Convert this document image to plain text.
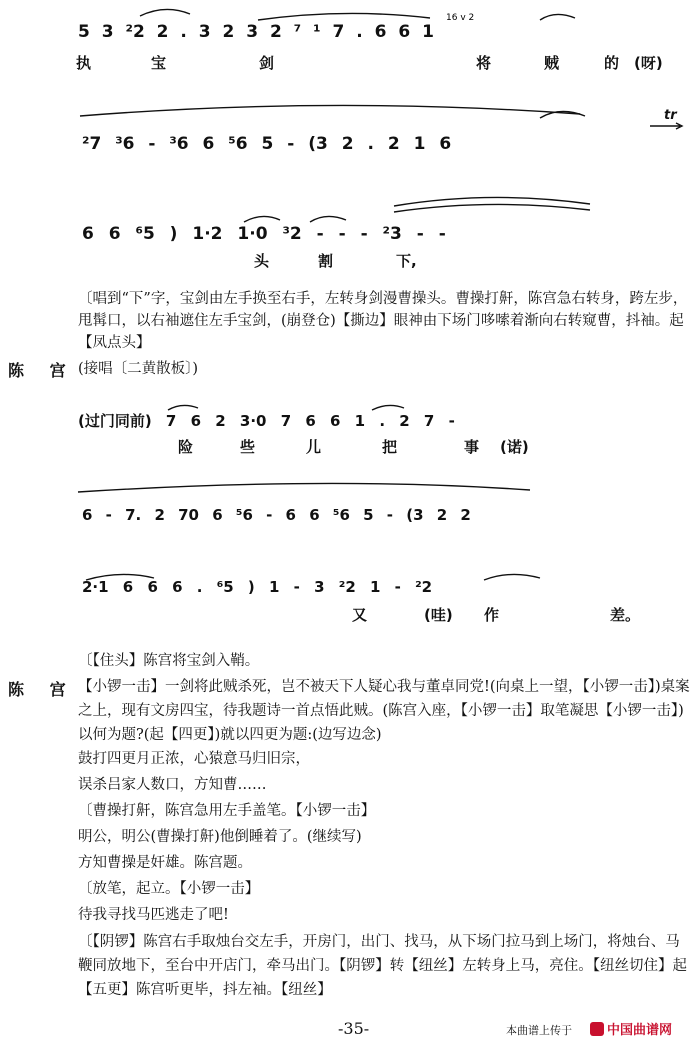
5 3 ²2 2 . 3 2 3 2 ⁷ ¹ 7 . 6 6 1
16 v 2
执	宝	剑	将	贼	的 (呀)
tr
²7 ³6 - ³6 6 ⁵6 5 - (3 2 . 2 1 6
6 6 ⁶5 ) 1·2 1·0 ³2 - - - ²3 - -
头	割	下,
〔唱到“下”字，宝剑由左手换至右手，左转身剑漫曹操头。曹操打鼾，陈宫急右转身，跨左步，甩髯口，以右袖遮住左手宝剑，(崩登仓)【撕边】眼神由下场门哆嗦着渐向右转窥曹，抖袖。起【凤点头】
陈 宫 (接唱〔二黄散板〕)
(过门同前) 7 6 2 3·0 7 6 6 1 . 2 7 -
险	些	儿	把	事 (诺)
6 - 7. 2 70 6 ⁵6 - 6 6 ⁵6 5 - (3 2 2
2·1 6 6 6 . ⁶5 ) 1 - 3 ²2 1 - ²2
又	(哇) 作	差。
〔【住头】陈宫将宝剑入鞘。
陈 宫 【小锣一击】一剑将此贼杀死，岂不被天下人疑心我与董卓同党!(向桌上一望，【小锣一击】)桌案之上，现有文房四宝，待我题诗一首点悟此贼。(陈宫入座，【小锣一击】取笔凝思【小锣一击】)以何为题?(起【四更】)就以四更为题:(边写边念)
鼓打四更月正浓，心猿意马归旧宗，
误杀吕家人数口，方知曹……
〔曹操打鼾，陈宫急用左手盖笔。【小锣一击】
明公，明公(曹操打鼾)他倒睡着了。(继续写)
方知曹操是奸雄。陈宫题。
〔放笔，起立。【小锣一击】
待我寻找马匹逃走了吧!
〔【阴锣】陈宫右手取烛台交左手，开房门，出门、找马，从下场门拉马到上场门，将烛台、马鞭同放地下，至台中开店门，牵马出门。【阴锣】转【纽丝】左转身上马，亮住。【纽丝切住】起【五更】陈宫听更毕，抖左袖。【纽丝】
-35-	本曲谱上传于	中国曲谱网
